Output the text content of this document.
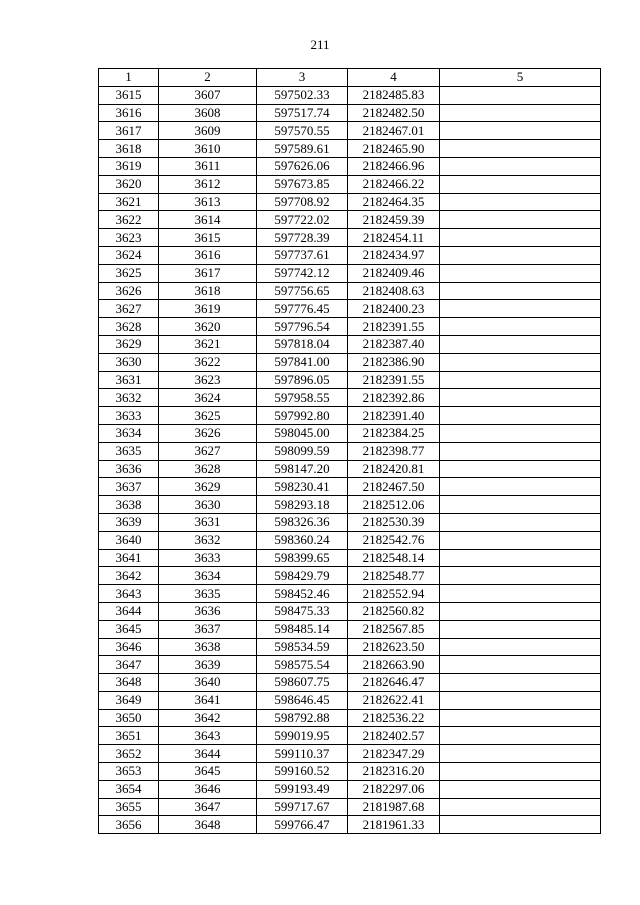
211
1	2	3	4	5
3615	3607	597502.33	2182485.83	
3616	3608	597517.74	2182482.50	
3617	3609	597570.55	2182467.01	
3618	3610	597589.61	2182465.90	
3619	3611	597626.06	2182466.96	
3620	3612	597673.85	2182466.22	
3621	3613	597708.92	2182464.35	
3622	3614	597722.02	2182459.39	
3623	3615	597728.39	2182454.11	
3624	3616	597737.61	2182434.97	
3625	3617	597742.12	2182409.46	
3626	3618	597756.65	2182408.63	
3627	3619	597776.45	2182400.23	
3628	3620	597796.54	2182391.55	
3629	3621	597818.04	2182387.40	
3630	3622	597841.00	2182386.90	
3631	3623	597896.05	2182391.55	
3632	3624	597958.55	2182392.86	
3633	3625	597992.80	2182391.40	
3634	3626	598045.00	2182384.25	
3635	3627	598099.59	2182398.77	
3636	3628	598147.20	2182420.81	
3637	3629	598230.41	2182467.50	
3638	3630	598293.18	2182512.06	
3639	3631	598326.36	2182530.39	
3640	3632	598360.24	2182542.76	
3641	3633	598399.65	2182548.14	
3642	3634	598429.79	2182548.77	
3643	3635	598452.46	2182552.94	
3644	3636	598475.33	2182560.82	
3645	3637	598485.14	2182567.85	
3646	3638	598534.59	2182623.50	
3647	3639	598575.54	2182663.90	
3648	3640	598607.75	2182646.47	
3649	3641	598646.45	2182622.41	
3650	3642	598792.88	2182536.22	
3651	3643	599019.95	2182402.57	
3652	3644	599110.37	2182347.29	
3653	3645	599160.52	2182316.20	
3654	3646	599193.49	2182297.06	
3655	3647	599717.67	2181987.68	
3656	3648	599766.47	2181961.33	
